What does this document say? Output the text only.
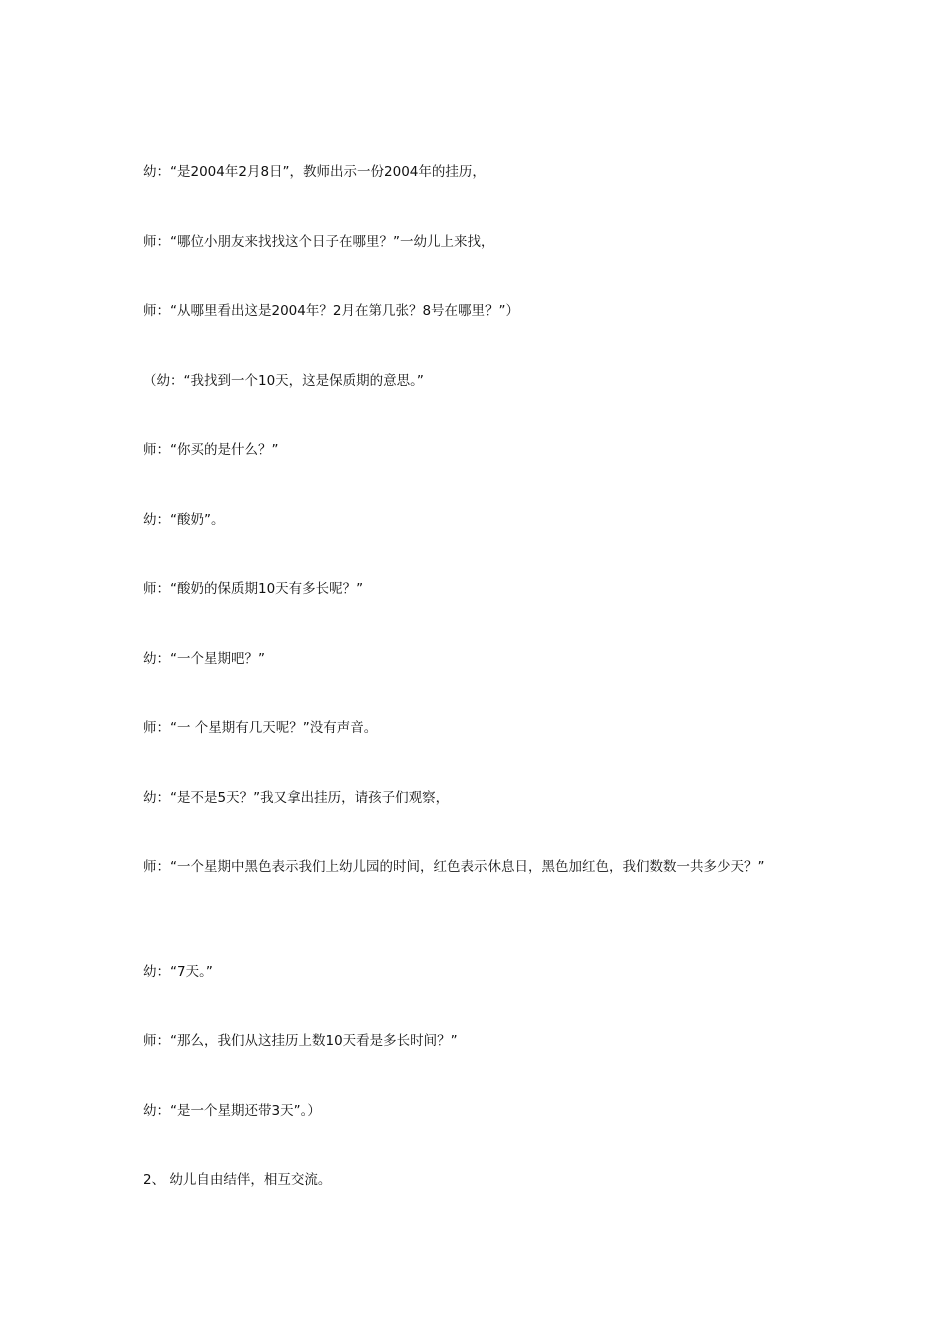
幼：“是2004年2月8日”，教师出示一份2004年的挂历，
师：“哪位小朋友来找找这个日子在哪里？”一幼儿上来找，
师：“从哪里看出这是2004年？2月在第几张？8号在哪里？”）
（幼：“我找到一个10天，这是保质期的意思。”
师：“你买的是什么？”
幼：“酸奶”。
师：“酸奶的保质期10天有多长呢？”
幼：“一个星期吧？”
师：“一 个星期有几天呢？”没有声音。
幼：“是不是5天？”我又拿出挂历，请孩子们观察，
师：“一个星期中黑色表示我们上幼儿园的时间，红色表示休息日，黑色加红色，我们数数一共多少天？”
幼：“7天。”
师：“那么，我们从这挂历上数10天看是多长时间？”
幼：“是一个星期还带3天”。）
2、 幼儿自由结伴，相互交流。
